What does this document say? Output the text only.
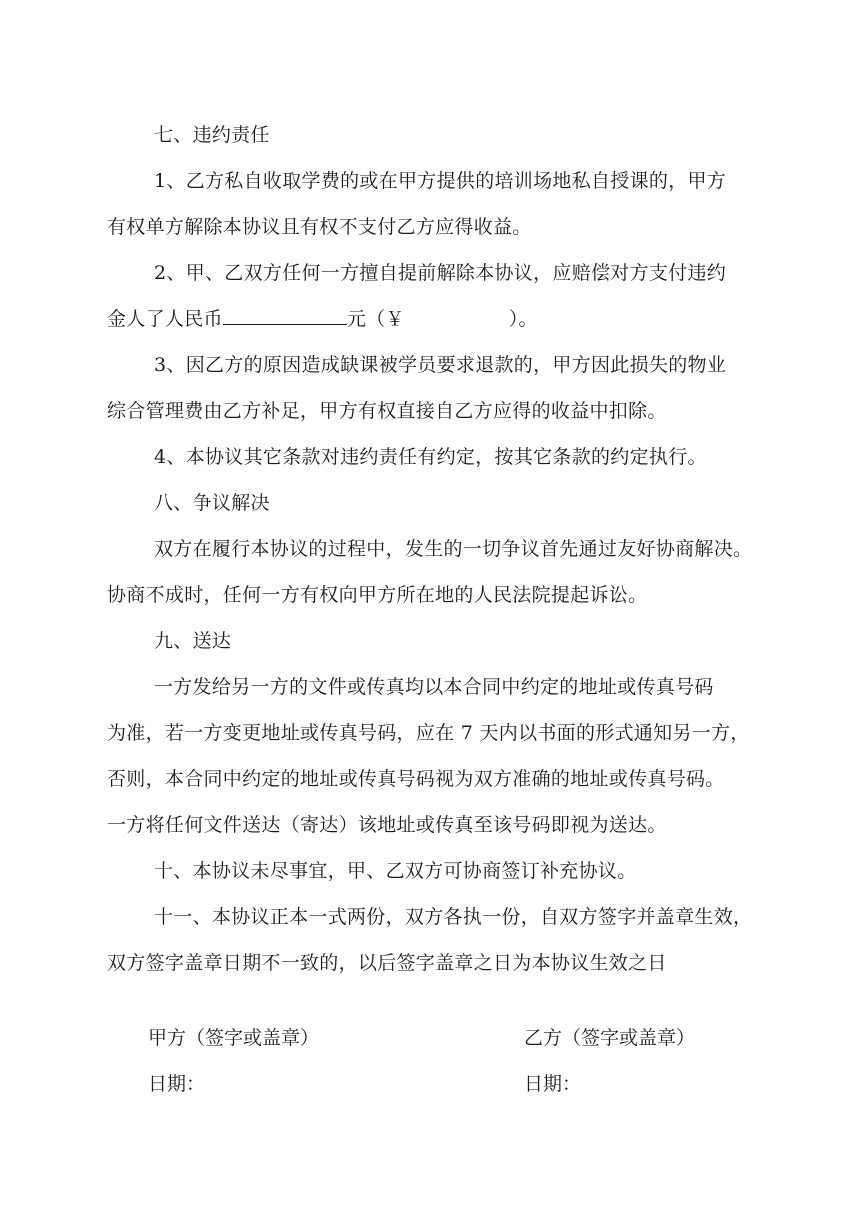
七、违约责任
1、乙方私自收取学费的或在甲方提供的培训场地私自授课的，甲方
有权单方解除本协议且有权不支付乙方应得收益。
2、甲、乙双方任何一方擅自提前解除本协议，应赔偿对方支付违约
金人了人民币	元（￥	）。
3、因乙方的原因造成缺课被学员要求退款的，甲方因此损失的物业
综合管理费由乙方补足，甲方有权直接自乙方应得的收益中扣除。
4、本协议其它条款对违约责任有约定，按其它条款的约定执行。
八、争议解决
双方在履行本协议的过程中，发生的一切争议首先通过友好协商解决。
协商不成时，任何一方有权向甲方所在地的人民法院提起诉讼。
九、送达
一方发给另一方的文件或传真均以本合同中约定的地址或传真号码
为准，若一方变更地址或传真号码，应在 7 天内以书面的形式通知另一方，
否则，本合同中约定的地址或传真号码视为双方准确的地址或传真号码。
一方将任何文件送达（寄达）该地址或传真至该号码即视为送达。
十、本协议未尽事宜，甲、乙双方可协商签订补充协议。
十一、本协议正本一式两份，双方各执一份，自双方签字并盖章生效，
双方签字盖章日期不一致的，以后签字盖章之日为本协议生效之日
甲方（签字或盖章）
日期：
乙方（签字或盖章）
日期：
